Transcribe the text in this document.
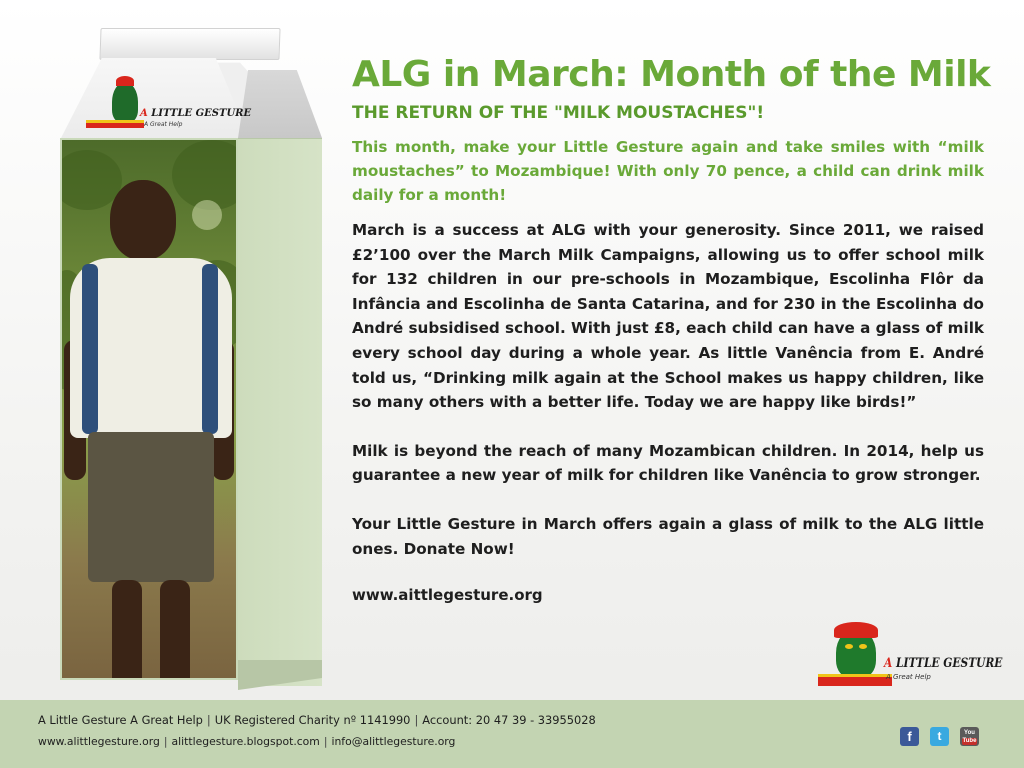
A LITTLE GESTURE
A Great Help
ALG in March: Month of the Milk
THE RETURN OF THE "MILK MOUSTACHES"!

This month, make your Little Gesture again and take smiles with “milk moustaches” to Mozambique! With only 70 pence, a child can drink milk daily for a month!

March is a success at ALG with your generosity. Since 2011, we raised £2’100 over the March Milk Campaigns, allowing us to offer school milk for 132 children in our pre-schools in Mozambique, Escolinha Flôr da Infância and Escolinha de Santa Catarina, and for 230 in the Escolinha do André subsidised school. With just £8, each child can have a glass of milk every school day during a whole year. As little Vanência from E. André told us, “Drinking milk again at the School makes us happy children, like so many others with a better life. Today we are happy like birds!”

Milk is beyond the reach of many Mozambican children. In 2014, help us guarantee a new year of milk for children like Vanência to grow stronger.

Your Little Gesture in March offers again a glass of milk to the ALG little ones. Donate Now!

www.aittlegesture.org

A LITTLE GESTURE
A Great Help
A Little Gesture A Great Help | UK Registered Charity nº 1141990 | Account: 20 47 39 - 33955028
www.alittlegesture.org | alittlegesture.blogspot.com | info@alittlegesture.org	f	t	You
Tube
